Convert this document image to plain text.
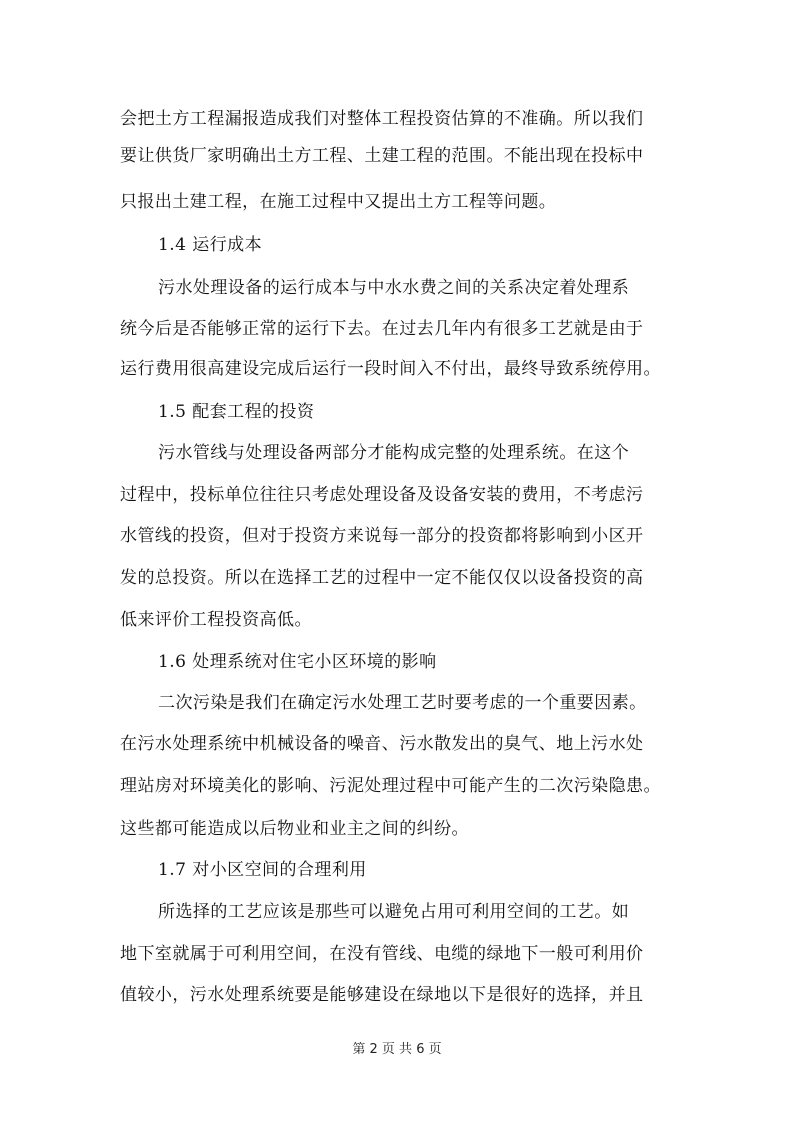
会把土方工程漏报造成我们对整体工程投资估算的不准确。所以我们
要让供货厂家明确出土方工程、土建工程的范围。不能出现在投标中
只报出土建工程，在施工过程中又提出土方工程等问题。
1.4 运行成本
污水处理设备的运行成本与中水水费之间的关系决定着处理系
统今后是否能够正常的运行下去。在过去几年内有很多工艺就是由于
运行费用很高建设完成后运行一段时间入不付出，最终导致系统停用。
1.5 配套工程的投资
污水管线与处理设备两部分才能构成完整的处理系统。在这个
过程中，投标单位往往只考虑处理设备及设备安装的费用，不考虑污
水管线的投资，但对于投资方来说每一部分的投资都将影响到小区开
发的总投资。所以在选择工艺的过程中一定不能仅仅以设备投资的高
低来评价工程投资高低。
1.6 处理系统对住宅小区环境的影响
二次污染是我们在确定污水处理工艺时要考虑的一个重要因素。
在污水处理系统中机械设备的噪音、污水散发出的臭气、地上污水处
理站房对环境美化的影响、污泥处理过程中可能产生的二次污染隐患。
这些都可能造成以后物业和业主之间的纠纷。
1.7 对小区空间的合理利用
所选择的工艺应该是那些可以避免占用可利用空间的工艺。如
地下室就属于可利用空间，在没有管线、电缆的绿地下一般可利用价
值较小，污水处理系统要是能够建设在绿地以下是很好的选择，并且
第 2 页 共 6 页
